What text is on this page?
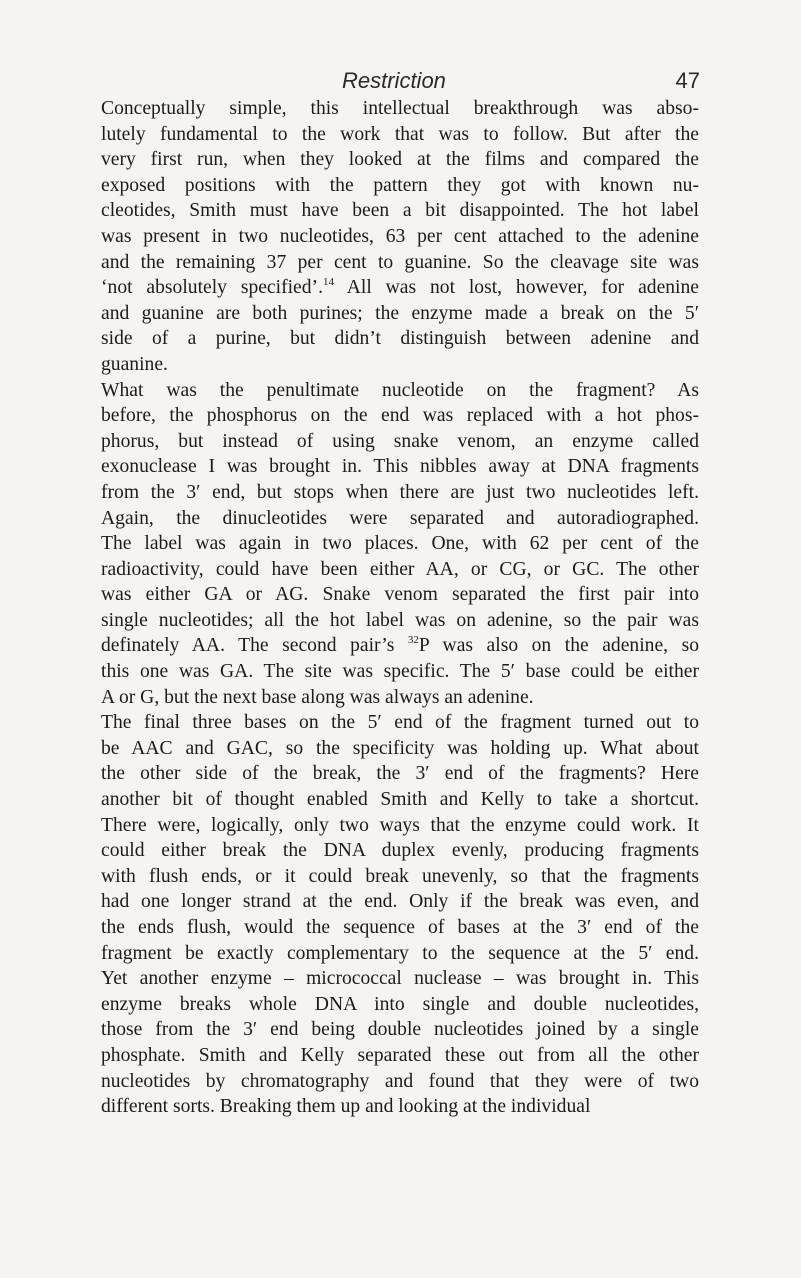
Restriction	47

Conceptually simple, this intellectual breakthrough was abso-
lutely fundamental to the work that was to follow. But after the
very first run, when they looked at the films and compared the
exposed positions with the pattern they got with known nu-
cleotides, Smith must have been a bit disappointed. The hot label
was present in two nucleotides, 63 per cent attached to the adenine
and the remaining 37 per cent to guanine. So the cleavage site was
‘not absolutely specified’.$^{14}$ All was not lost, however, for adenine
and guanine are both purines; the enzyme made a break on the 5′
side of a purine, but didn’t distinguish between adenine and
guanine.

What was the penultimate nucleotide on the fragment? As
before, the phosphorus on the end was replaced with a hot phos-
phorus, but instead of using snake venom, an enzyme called
exonuclease I was brought in. This nibbles away at DNA fragments
from the 3′ end, but stops when there are just two nucleotides left.
Again, the dinucleotides were separated and autoradiographed.
The label was again in two places. One, with 62 per cent of the
radioactivity, could have been either AA, or CG, or GC. The other
was either GA or AG. Snake venom separated the first pair into
single nucleotides; all the hot label was on adenine, so the pair was
definately AA. The second pair’s $^{32}$P was also on the adenine, so
this one was GA. The site was specific. The 5′ base could be either
A or G, but the next base along was always an adenine.

The final three bases on the 5′ end of the fragment turned out to
be AAC and GAC, so the specificity was holding up. What about
the other side of the break, the 3′ end of the fragments? Here
another bit of thought enabled Smith and Kelly to take a shortcut.
There were, logically, only two ways that the enzyme could work. It
could either break the DNA duplex evenly, producing fragments
with flush ends, or it could break unevenly, so that the fragments
had one longer strand at the end. Only if the break was even, and
the ends flush, would the sequence of bases at the 3′ end of the
fragment be exactly complementary to the sequence at the 5′ end.
Yet another enzyme – micrococcal nuclease – was brought in. This
enzyme breaks whole DNA into single and double nucleotides,
those from the 3′ end being double nucleotides joined by a single
phosphate. Smith and Kelly separated these out from all the other
nucleotides by chromatography and found that they were of two
different sorts. Breaking them up and looking at the individual
